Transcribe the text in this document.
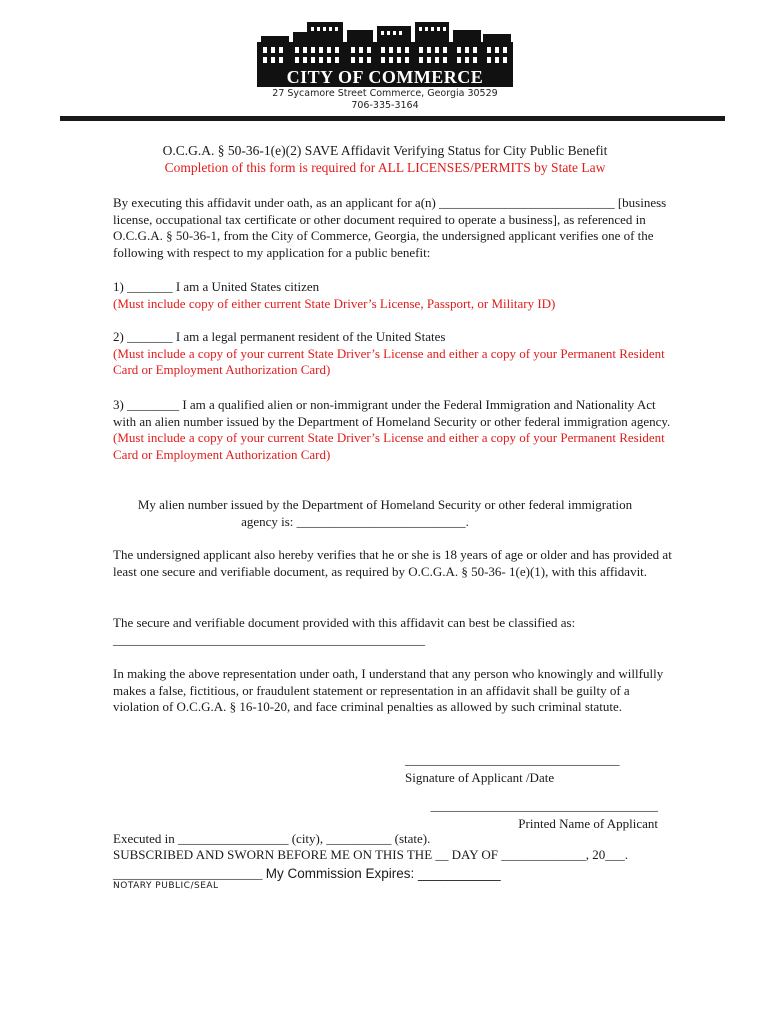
CITY OF COMMERCE
27 Sycamore Street Commerce, Georgia 30529
706-335-3164
O.C.G.A. § 50-36-1(e)(2) SAVE Affidavit Verifying Status for City Public Benefit
Completion of this form is required for ALL LICENSES/PERMITS by State Law

By executing this affidavit under oath, as an applicant for a(n) ___________________________ [business license, occupational tax certificate or other document required to operate a business], as referenced in O.C.G.A. § 50-36-1, from the City of Commerce, Georgia, the undersigned applicant verifies one of the following with respect to my application for a public benefit:

1) _______ I am a United States citizen

(Must include copy of either current State Driver’s License, Passport, or Military ID)

2) _______ I am a legal permanent resident of the United States

(Must include a copy of your current State Driver’s License and either a copy of your Permanent Resident Card or Employment Authorization Card)

3) ________ I am a qualified alien or non-immigrant under the Federal Immigration and Nationality Act with an alien number issued by the Department of Homeland Security or other federal immigration agency.

(Must include a copy of your current State Driver’s License and either a copy of your Permanent Resident Card or Employment Authorization Card)

My alien number issued by the Department of Homeland Security or other federal immigration

agency is: __________________________.

The undersigned applicant also hereby verifies that he or she is 18 years of age or older and has provided at least one secure and verifiable document, as required by O.C.G.A. § 50-36- 1(e)(1), with this affidavit.

The secure and verifiable document provided with this affidavit can best be classified as:

________________________________________________

In making the above representation under oath, I understand that any person who knowingly and willfully makes a false, fictitious, or fraudulent statement or representation in an affidavit shall be guilty of a violation of O.C.G.A. § 16-10-20, and face criminal penalties as allowed by such criminal statute.

_________________________________
Signature of Applicant /Date
___________________________________
Printed Name of Applicant
Executed in _________________ (city), __________ (state).
SUBSCRIBED AND SWORN BEFORE ME ON THIS THE __ DAY OF _____________, 20___.
_______________________ My Commission Expires: ___________
NOTARY PUBLIC/SEAL
